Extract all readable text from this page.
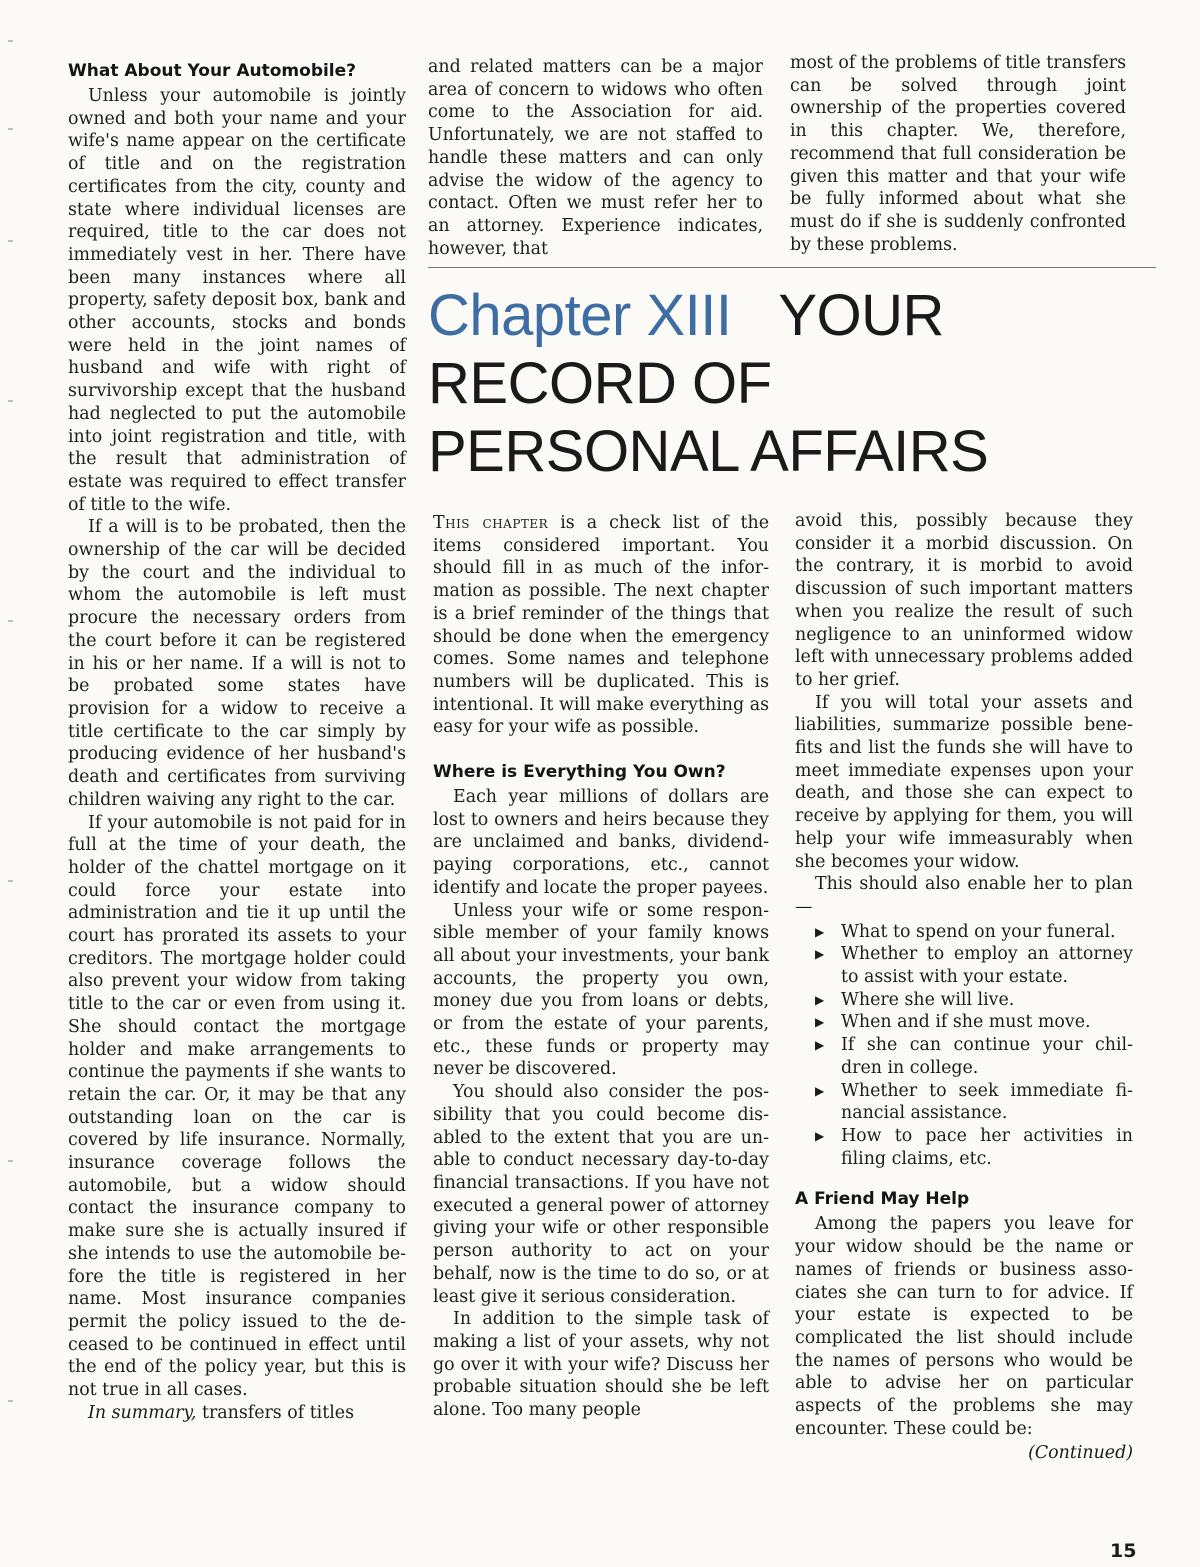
What About Your Automobile?

Unless your automobile is jointly owned and both your name and your wife's name appear on the certificate of title and on the registration certificates from the city, county and state where individual licenses are required, title to the car does not immediately vest in her. There have been many instances where all property, safety deposit box, bank and other accounts, stocks and bonds were held in the joint names of husband and wife with right of survivorship except that the husband had neglected to put the automobile into joint registration and title, with the result that administration of estate was required to effect transfer of title to the wife.

If a will is to be probated, then the ownership of the car will be decided by the court and the individual to whom the automobile is left must procure the necessary orders from the court before it can be registered in his or her name. If a will is not to be probated some states have provision for a widow to receive a title certificate to the car simply by producing evidence of her husband's death and certificates from surviving children waiving any right to the car.

If your automobile is not paid for in full at the time of your death, the holder of the chattel mortgage on it could force your estate into administration and tie it up until the court has prorated its assets to your creditors. The mortgage holder could also prevent your widow from taking title to the car or even from using it. She should contact the mortgage holder and make arrangements to continue the payments if she wants to retain the car. Or, it may be that any outstanding loan on the car is covered by life insurance. Normally, insurance coverage follows the automobile, but a widow should contact the insurance company to make sure she is actually insured if she intends to use the automobile before the title is registered in her name. Most insurance companies permit the policy issued to the deceased to be continued in effect until the end of the policy year, but this is not true in all cases.

In summary, transfers of titles

and related matters can be a major area of concern to widows who often come to the Association for aid. Unfortunately, we are not staffed to handle these matters and can only advise the widow of the agency to contact. Often we must refer her to an attorney. Experience indicates, however, that

most of the problems of title transfers can be solved through joint ownership of the properties covered in this chapter. We, therefore, recommend that full consideration be given this matter and that your wife be fully informed about what she must do if she is suddenly confronted by these problems.

Chapter XIII YOUR
RECORD OF
PERSONAL AFFAIRS

This chapter is a check list of the items considered important. You should fill in as much of the information as possible. The next chapter is a brief reminder of the things that should be done when the emergency comes. Some names and telephone numbers will be duplicated. This is intentional. It will make everything as easy for your wife as possible.

Where is Everything You Own?

Each year millions of dollars are lost to owners and heirs because they are unclaimed and banks, dividend-paying corporations, etc., cannot identify and locate the proper payees.

Unless your wife or some responsible member of your family knows all about your investments, your bank accounts, the property you own, money due you from loans or debts, or from the estate of your parents, etc., these funds or property may never be discovered.

You should also consider the possibility that you could become disabled to the extent that you are unable to conduct necessary day-to-day financial transactions. If you have not executed a general power of attorney giving your wife or other responsible person authority to act on your behalf, now is the time to do so, or at least give it serious consideration.

In addition to the simple task of making a list of your assets, why not go over it with your wife? Discuss her probable situation should she be left alone. Too many people

avoid this, possibly because they consider it a morbid discussion. On the contrary, it is morbid to avoid discussion of such important matters when you realize the result of such negligence to an uninformed widow left with unnecessary problems added to her grief.

If you will total your assets and liabilities, summarize possible benefits and list the funds she will have to meet immediate expenses upon your death, and those she can expect to receive by applying for them, you will help your wife immeasurably when she becomes your widow.

This should also enable her to plan—

▶ What to spend on your funeral.
▶ Whether to employ an attorney to assist with your estate.
▶ Where she will live.
▶ When and if she must move.
▶ If she can continue your children in college.
▶ Whether to seek immediate financial assistance.
▶ How to pace her activities in filing claims, etc.
A Friend May Help

Among the papers you leave for your widow should be the name or names of friends or business associates she can turn to for advice. If your estate is expected to be complicated the list should include the names of persons who would be able to advise her on particular aspects of the problems she may encounter. These could be:

(Continued)
15
